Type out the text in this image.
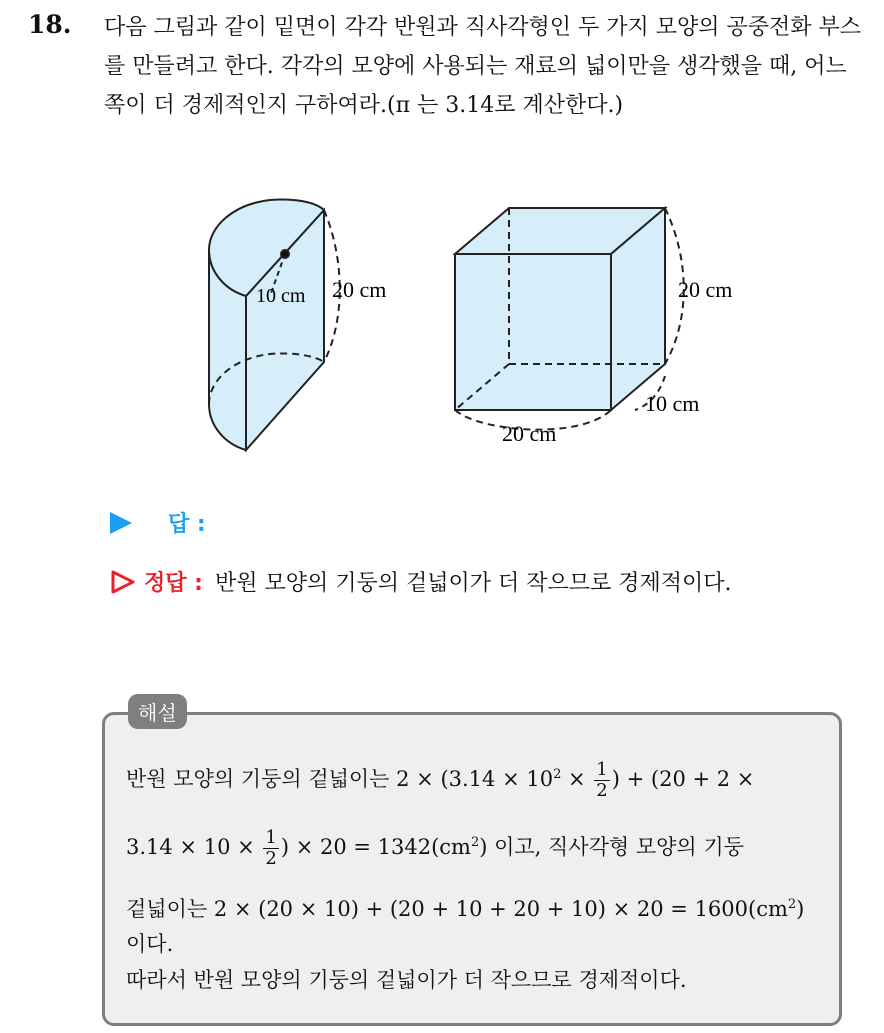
18. 다음 그림과 같이 밑면이 각각 반원과 직사각형인 두 가지 모양의 공중전화 부스를 만들려고 한다. 각각의 모양에 사용되는 재료의 넓이만을 생각했을 때, 어느 쪽이 더 경제적인지 구하여라.(π 는 3.14로 계산한다.)
10 cm 20 cm	20 cm
10 cm
20 cm
답 :
정답 : 반원 모양의 기둥의 겉넓이가 더 작으므로 경제적이다.
해설
반원 모양의 기둥의 겉넓이는 $2 \times (3.14 \times 10^2 \times \frac{1}{2}$ ) + (20 + 2 ×
$3.14 \times 10 \times \frac{1}{2}$ ) × $20 = 1342(cm^2)$ 이고, 직사각형 모양의 기둥
겉넓이는 $2 \times (20 \times 10) + (20 + 10 + 20 + 10) \times 20 = 1600(cm^2)$
이다.
따라서 반원 모양의 기둥의 겉넓이가 더 작으므로 경제적이다.
